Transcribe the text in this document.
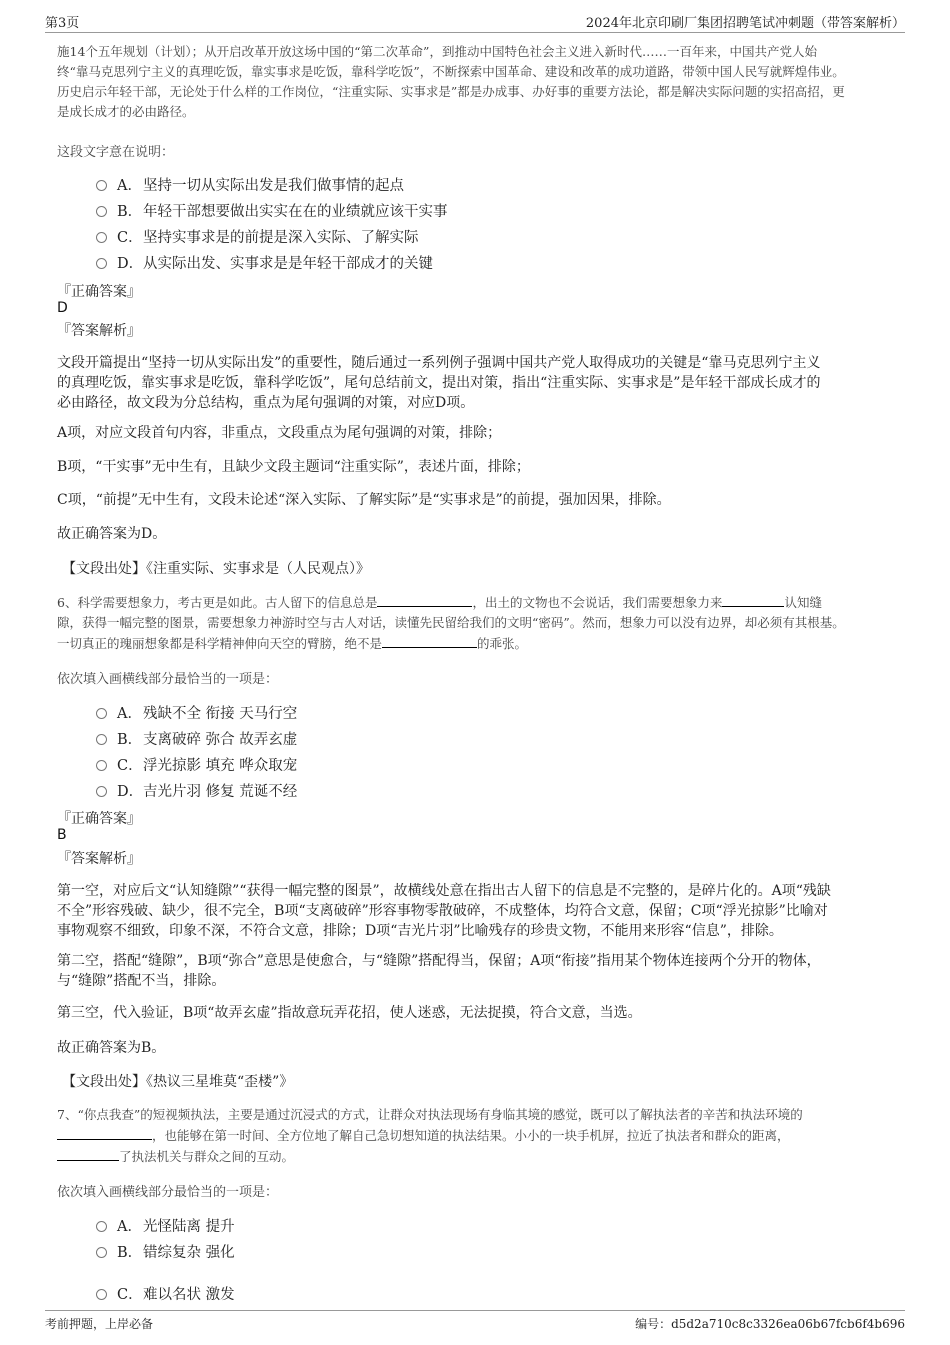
第3页	2024年北京印刷厂集团招聘笔试冲刺题（带答案解析）
施14个五年规划（计划）；从开启改革开放这场中国的“第二次革命”，到推动中国特色社会主义进入新时代……一百年来，中国共产党人始
终“靠马克思列宁主义的真理吃饭，靠实事求是吃饭，靠科学吃饭”，不断探索中国革命、建设和改革的成功道路，带领中国人民写就辉煌伟业。
历史启示年轻干部，无论处于什么样的工作岗位，“注重实际、实事求是”都是办成事、办好事的重要方法论，都是解决实际问题的实招高招，更
是成长成才的必由路径。
这段文字意在说明：
A．坚持一切从实际出发是我们做事情的起点
B．年轻干部想要做出实实在在的业绩就应该干实事
C．坚持实事求是的前提是深入实际、了解实际
D．从实际出发、实事求是是年轻干部成才的关键
『正确答案』
D
『答案解析』
文段开篇提出“坚持一切从实际出发”的重要性，随后通过一系列例子强调中国共产党人取得成功的关键是“靠马克思列宁主义
的真理吃饭，靠实事求是吃饭，靠科学吃饭”，尾句总结前文，提出对策，指出“注重实际、实事求是”是年轻干部成长成才的
必由路径，故文段为分总结构，重点为尾句强调的对策，对应D项。
A项，对应文段首句内容，非重点，文段重点为尾句强调的对策，排除；
B项，“干实事”无中生有，且缺少文段主题词“注重实际”，表述片面，排除；
C项，“前提”无中生有，文段未论述“深入实际、了解实际”是“实事求是”的前提，强加因果，排除。
故正确答案为D。
【文段出处】《注重实际、实事求是（人民观点）》
6、科学需要想象力，考古更是如此。古人留下的信息总是	，出土的文物也不会说话，我们需要想象力来	认知缝
隙，获得一幅完整的图景，需要想象力神游时空与古人对话，读懂先民留给我们的文明“密码”。然而，想象力可以没有边界，却必须有其根基。
一切真正的瑰丽想象都是科学精神伸向天空的臂膀，绝不是	的乖张。
依次填入画横线部分最恰当的一项是：
A．残缺不全 衔接 天马行空
B．支离破碎 弥合 故弄玄虚
C．浮光掠影 填充 哗众取宠
D．吉光片羽 修复 荒诞不经
『正确答案』
B
『答案解析』
第一空，对应后文“认知缝隙”“获得一幅完整的图景”，故横线处意在指出古人留下的信息是不完整的，是碎片化的。A项“残缺
不全”形容残破、缺少，很不完全，B项“支离破碎”形容事物零散破碎，不成整体，均符合文意，保留；C项“浮光掠影”比喻对
事物观察不细致，印象不深，不符合文意，排除；D项“吉光片羽”比喻残存的珍贵文物，不能用来形容“信息”，排除。
第二空，搭配“缝隙”，B项“弥合”意思是使愈合，与“缝隙”搭配得当，保留；A项“衔接”指用某个物体连接两个分开的物体，
与“缝隙”搭配不当，排除。
第三空，代入验证，B项“故弄玄虚”指故意玩弄花招，使人迷惑，无法捉摸，符合文意，当选。
故正确答案为B。
【文段出处】《热议三星堆莫“歪楼”》
7、“你点我查”的短视频执法，主要是通过沉浸式的方式，让群众对执法现场有身临其境的感觉，既可以了解执法者的辛苦和执法环境的
，也能够在第一时间、全方位地了解自己急切想知道的执法结果。小小的一块手机屏，拉近了执法者和群众的距离，
了执法机关与群众之间的互动。
依次填入画横线部分最恰当的一项是：
A．光怪陆离 提升
B．错综复杂 强化
C．难以名状 激发
考前押题，上岸必备	编号：d5d2a710c8c3326ea06b67fcb6f4b696
